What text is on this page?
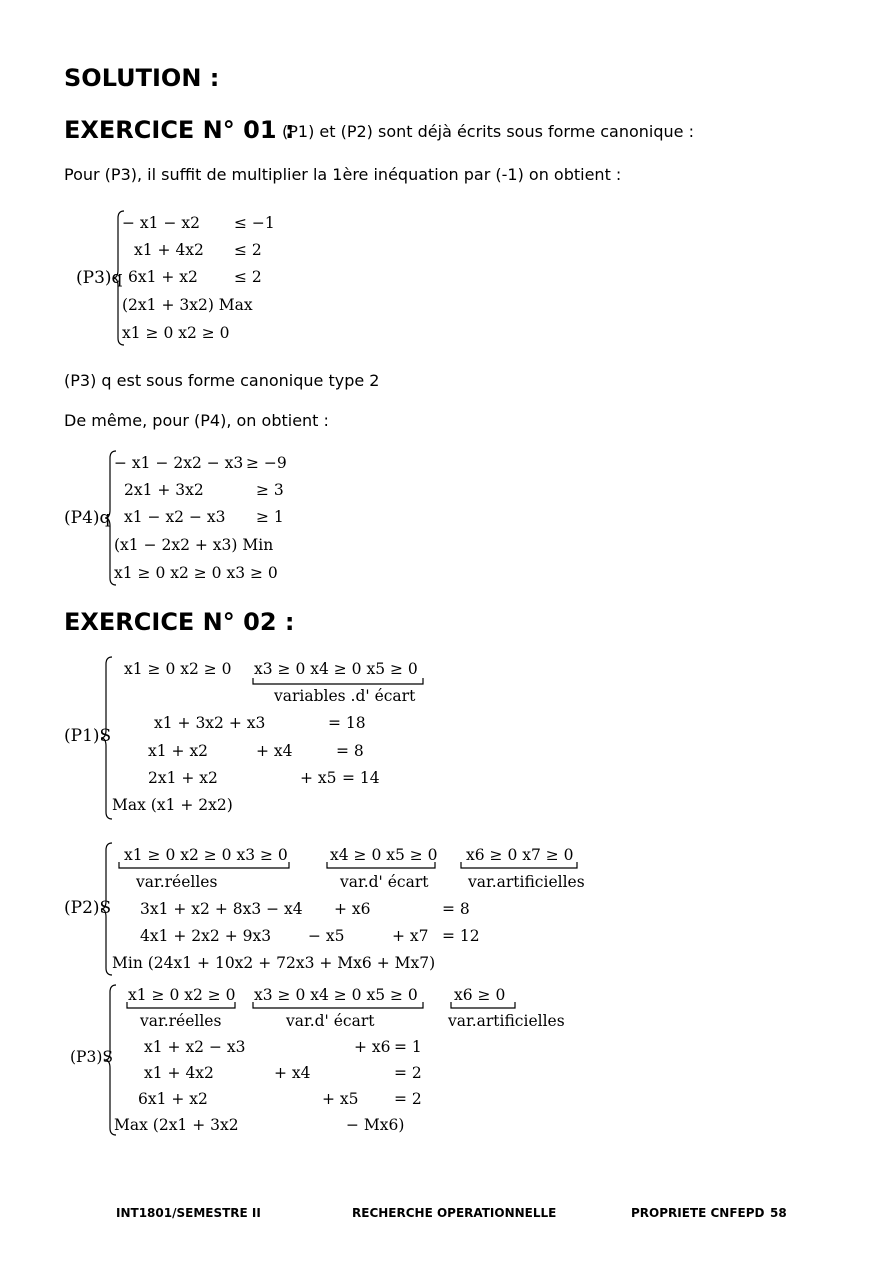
SOLUTION :
EXERCICE N° 01 :
(P1) et (P2) sont déjà écrits sous forme canonique :
Pour (P3), il suffit de multiplier la 1ère inéquation par (-1) on obtient :
(P3)q
− x1 − x2 ≤ −1
x1 + 4x2 ≤ 2
6x1 + x2 ≤ 2
(2x1 + 3x2) Max
x1 ≥ 0 x2 ≥ 0
(P3) q est sous forme canonique type 2
De même, pour (P4), on obtient :
(P4)q
− x1 − 2x2 − x3 ≥ −9
2x1 + 3x2	≥ 3
x1 − x2 − x3 ≥ 1
(x1 − 2x2 + x3) Min
x1 ≥ 0 x2 ≥ 0 x3 ≥ 0
EXERCICE N° 02 :
(P1)S
x1 ≥ 0 x2 ≥ 0 x3 ≥ 0 x4 ≥ 0 x5 ≥ 0
variables .d' écart
x1 + 3x2 + x3	= 18
x1 + x2	+ x4	= 8
2x1 + x2	+ x5 = 14
Max (x1 + 2x2)
(P2)S
x1 ≥ 0 x2 ≥ 0 x3 ≥ 0	x4 ≥ 0 x5 ≥ 0 x6 ≥ 0 x7 ≥ 0
var.réelles	var.d' écart	var.artificielles
3x1 + x2 + 8x3 − x4 + x6	= 8
4x1 + 2x2 + 9x3 − x5	+ x7 = 12
Min (24x1 + 10x2 + 72x3 + Mx6 + Mx7)
(P3)S
x1 ≥ 0 x2 ≥ 0 x3 ≥ 0 x4 ≥ 0 x5 ≥ 0 x6 ≥ 0
var.réelles	var.d' écart	var.artificielles
x1 + x2 − x3	+ x6 = 1
x1 + 4x2	+ x4	= 2
6x1 + x2	+ x5 = 2
Max (2x1 + 3x2	− Mx6)
INT1801/SEMESTRE II	RECHERCHE OPERATIONNELLE	PROPRIETE CNFEPD 58
